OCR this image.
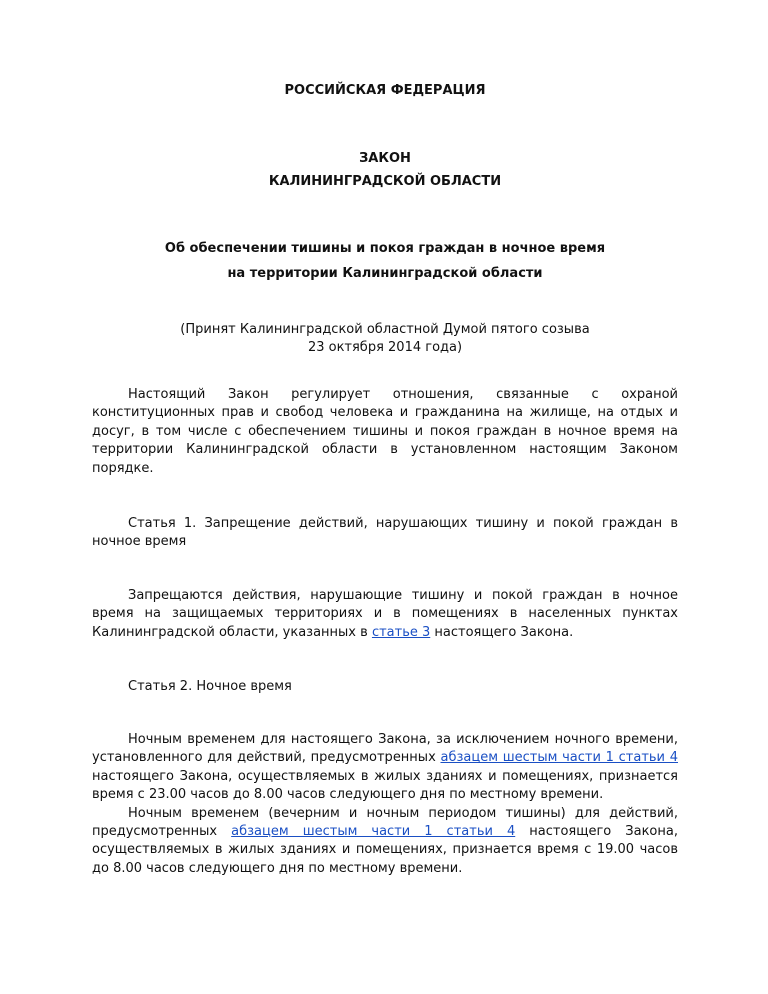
РОССИЙСКАЯ ФЕДЕРАЦИЯ
ЗАКОН
КАЛИНИНГРАДСКОЙ ОБЛАСТИ
Об обеспечении тишины и покоя граждан в ночное время
на территории Калининградской области
(Принят Калининградской областной Думой пятого созыва
23 октября 2014 года)

Настоящий Закон регулирует отношения, связанные с охраной конституционных прав и свобод человека и гражданина на жилище, на отдых и досуг, в том числе с обеспечением тишины и покоя граждан в ночное время на территории Калининградской области в установленном настоящим Законом порядке.

Статья 1. Запрещение действий, нарушающих тишину и покой граждан в ночное время

Запрещаются действия, нарушающие тишину и покой граждан в ночное время на защищаемых территориях и в помещениях в населенных пунктах Калининградской области, указанных в статье 3 настоящего Закона.

Статья 2. Ночное время

Ночным временем для настоящего Закона, за исключением ночного времени, установленного для действий, предусмотренных абзацем шестым части 1 статьи 4 настоящего Закона, осуществляемых в жилых зданиях и помещениях, признается время с 23.00 часов до 8.00 часов следующего дня по местному времени.

Ночным временем (вечерним и ночным периодом тишины) для действий, предусмотренных абзацем шестым части 1 статьи 4 настоящего Закона, осуществляемых в жилых зданиях и помещениях, признается время с 19.00 часов до 8.00 часов следующего дня по местному времени.
